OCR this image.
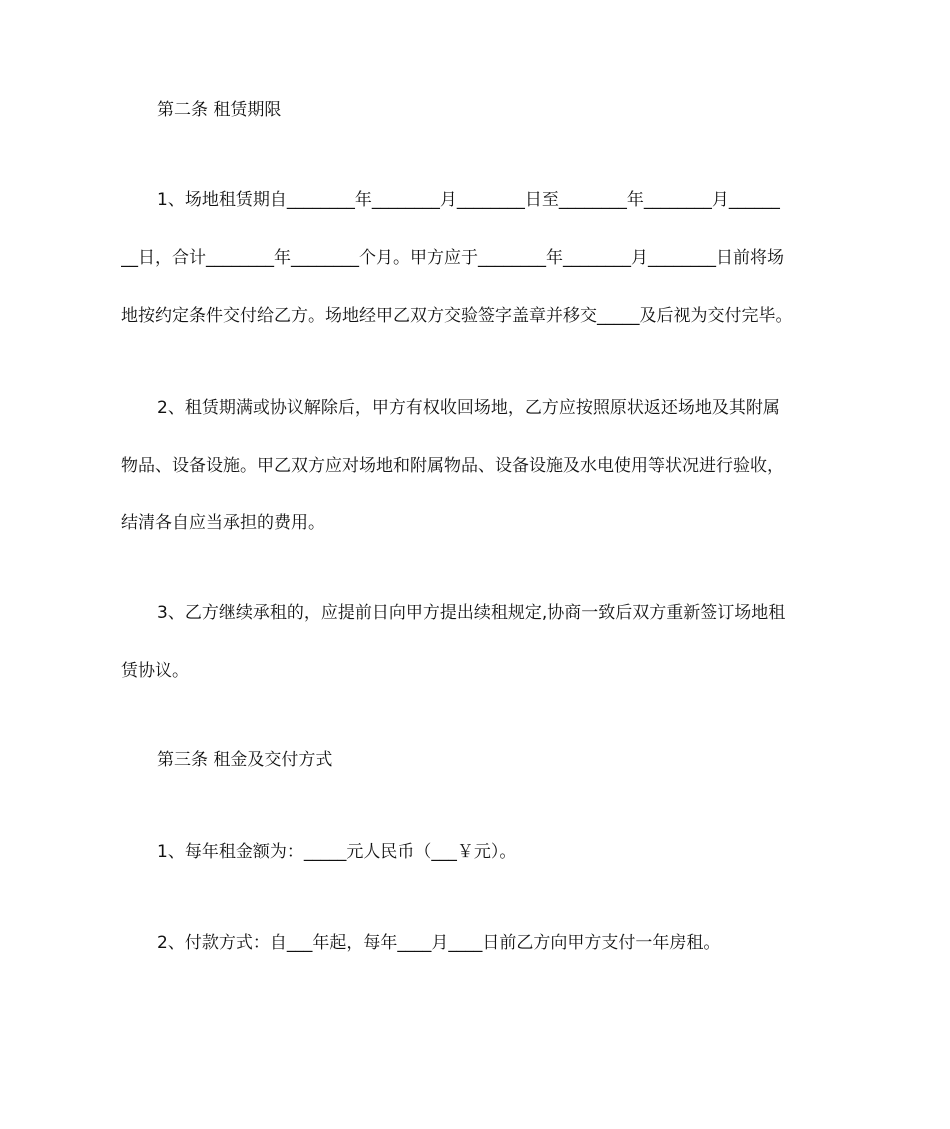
第二条 租赁期限
1、场地租赁期自________年________月________日至________年________月______
__日，合计________年________个月。甲方应于________年________月________日前将场
地按约定条件交付给乙方。场地经甲乙双方交验签字盖章并移交_____及后视为交付完毕。
2、租赁期满或协议解除后，甲方有权收回场地，乙方应按照原状返还场地及其附属
物品、设备设施。甲乙双方应对场地和附属物品、设备设施及水电使用等状况进行验收，
结清各自应当承担的费用。
3、乙方继续承租的，应提前日向甲方提出续租规定,协商一致后双方重新签订场地租
赁协议。
第三条 租金及交付方式
1、每年租金额为：_____元人民币（___￥元）。
2、付款方式：自___年起，每年____月____日前乙方向甲方支付一年房租。
